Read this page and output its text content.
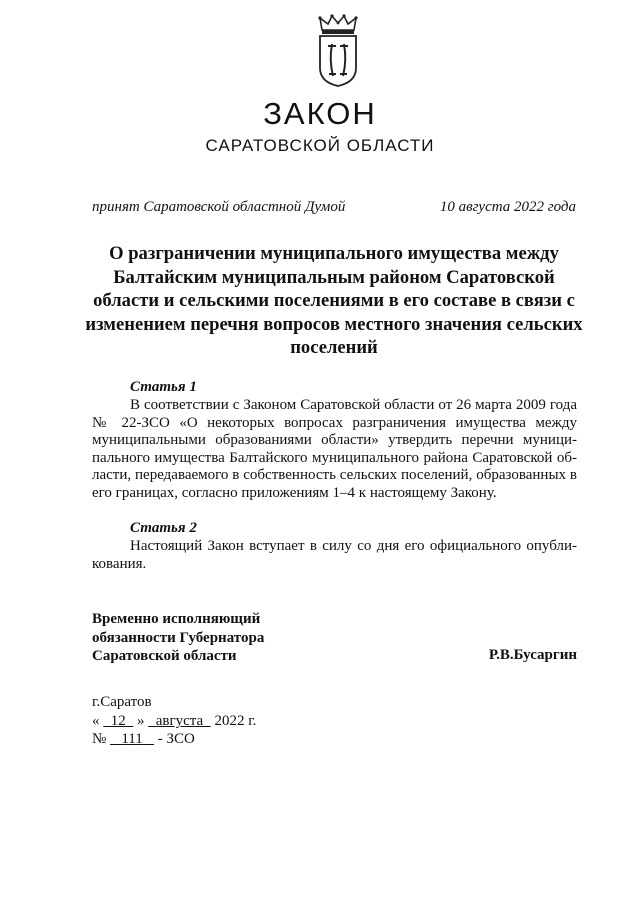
ЗАКОН
САРАТОВСКОЙ ОБЛАСТИ
принят Саратовской областной Думой	10 августа 2022 года
О разграничении муниципального имущества между Балтайским муниципальным районом Саратовской области и сельскими поселениями в его составе в связи с изменением перечня вопросов местного значения сельских поселений
Статья 1
В соответствии с Законом Саратовской области от 26 марта 2009 года № 22-ЗСО «О некоторых вопросах разграничения имущества между муниципальными образованиями области» утвердить перечни муниципального имущества Балтайского муниципального района Саратовской области, передаваемого в собственность сельских поселений, образованных в его границах, согласно приложениям 1–4 к настоящему Закону.
Статья 2
Настоящий Закон вступает в силу со дня его официального опубликования.
Временно исполняющий
обязанности Губернатора
Саратовской области	Р.В.Бусаргин
г.Саратов
« 12 » августа 2022 г.
№ 111 - ЗСО
